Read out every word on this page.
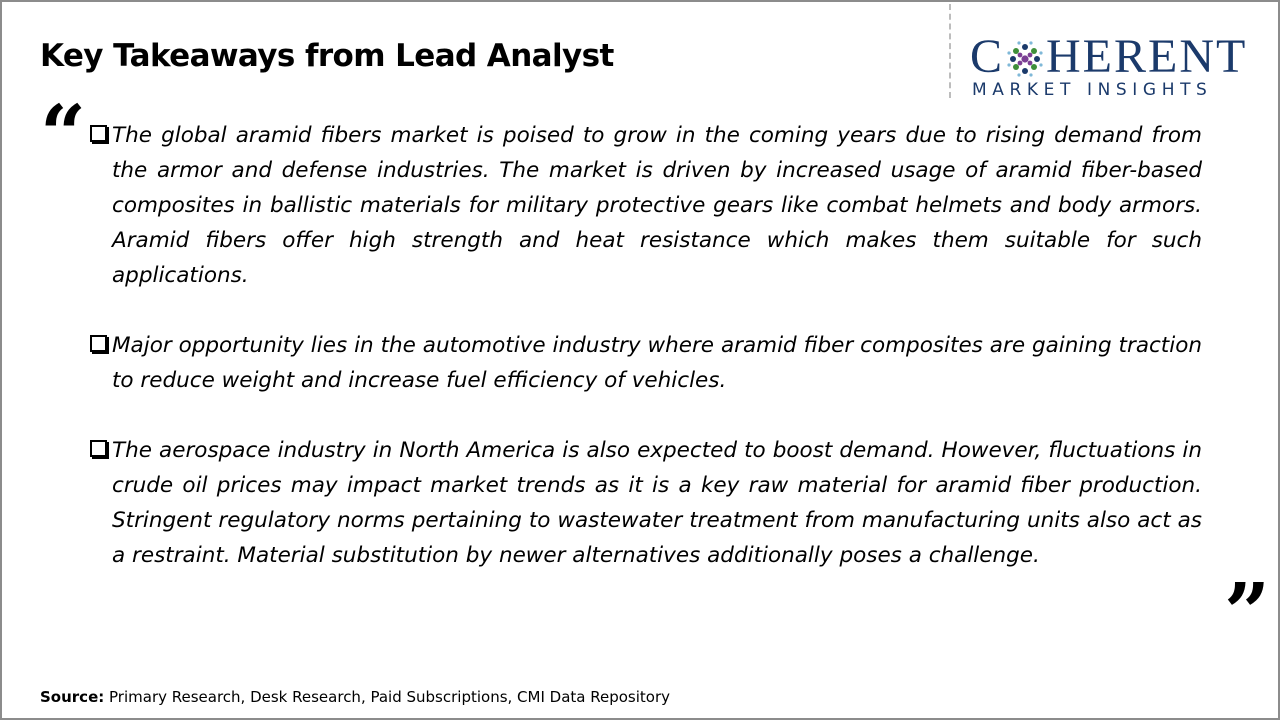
Key Takeaways from Lead Analyst	C HERENT
MARKET INSIGHTS
“ The global aramid fibers market is poised to grow in the coming years due to rising demand from the armor and defense industries. The market is driven by increased usage of aramid fiber-based composites in ballistic materials for military protective gears like combat helmets and body armors. Aramid fibers offer high strength and heat resistance which makes them suitable for such applications.

Major opportunity lies in the automotive industry where aramid fiber composites are gaining traction to reduce weight and increase fuel efficiency of vehicles.

The aerospace industry in North America is also expected to boost demand. However, fluctuations in crude oil prices may impact market trends as it is a key raw material for aramid fiber production. Stringent regulatory norms pertaining to wastewater treatment from manufacturing units also act as a restraint. Material substitution by newer alternatives additionally poses a challenge.

”
Source: Primary Research, Desk Research, Paid Subscriptions, CMI Data Repository
